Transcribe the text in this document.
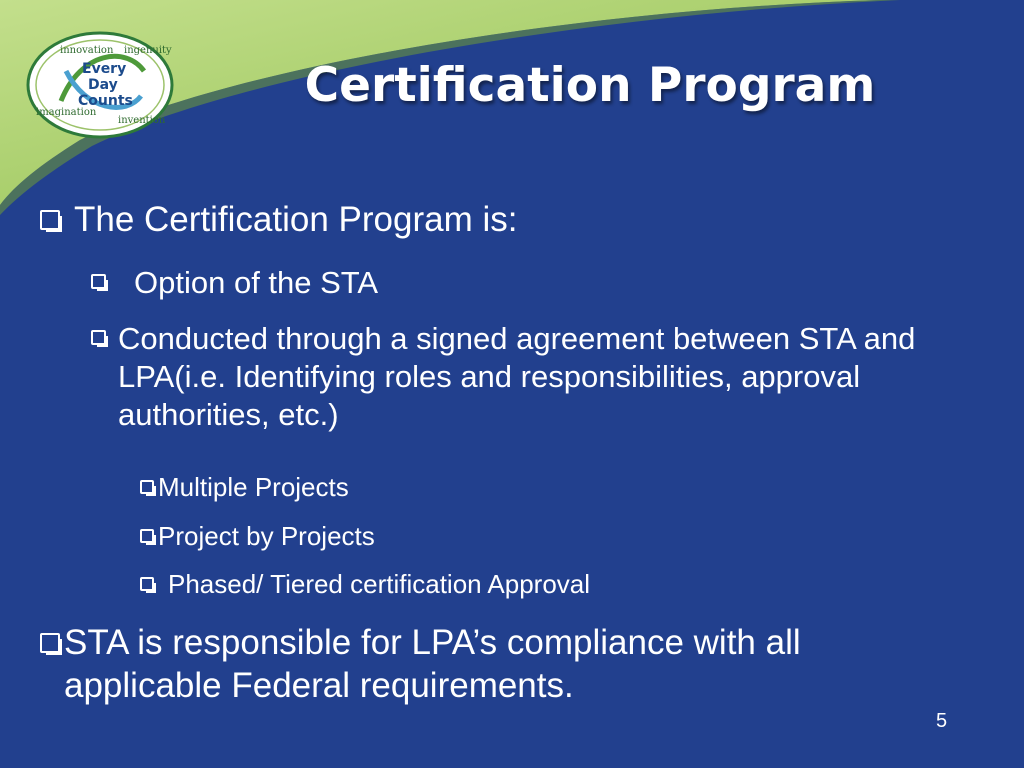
innovation ingenuity
imagination
invention
Every
Day
Counts	Certification Program
The Certification Program is:
Option of the STA
Conducted through a signed agreement between STA and LPA(i.e. Identifying roles and responsibilities, approval authorities, etc.)
Multiple Projects
Project by Projects
Phased/ Tiered certification Approval
STA is responsible for LPA’s compliance with all applicable Federal requirements.
5
